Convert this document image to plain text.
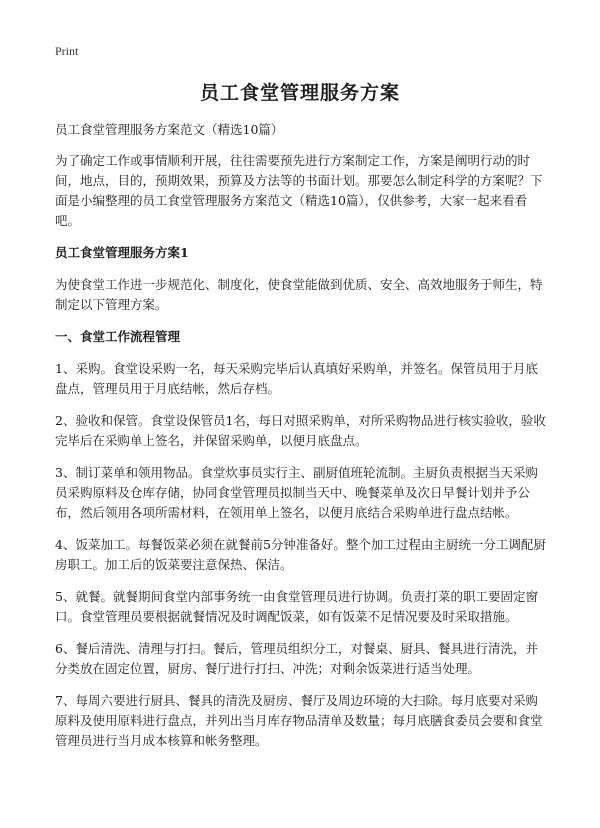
Print
员工食堂管理服务方案

员工食堂管理服务方案范文（精选10篇）

为了确定工作或事情顺利开展，往往需要预先进行方案制定工作，方案是阐明行动的时间，地点，目的，预期效果，预算及方法等的书面计划。那要怎么制定科学的方案呢？下面是小编整理的员工食堂管理服务方案范文（精选10篇），仅供参考，大家一起来看看吧。

员工食堂管理服务方案1

为使食堂工作进一步规范化、制度化，使食堂能做到优质、安全、高效地服务于师生，特制定以下管理方案。

一、食堂工作流程管理

1、采购。食堂设采购一名，每天采购完毕后认真填好采购单，并签名。保管员用于月底盘点，管理员用于月底结帐，然后存档。

2、验收和保管。食堂设保管员1名，每日对照采购单，对所采购物品进行核实验收，验收完毕后在采购单上签名，并保留采购单，以便月底盘点。

3、制订菜单和领用物品。食堂炊事员实行主、副厨值班轮流制。主厨负责根据当天采购员采购原料及仓库存储，协同食堂管理员拟制当天中、晚餐菜单及次日早餐计划并予公布，然后领用各项所需材料，在领用单上签名，以便月底结合采购单进行盘点结帐。

4、饭菜加工。每餐饭菜必须在就餐前5分钟准备好。整个加工过程由主厨统一分工调配厨房职工。加工后的饭菜要注意保热、保洁。

5、就餐。就餐期间食堂内部事务统一由食堂管理员进行协调。负责打菜的职工要固定窗口。食堂管理员要根据就餐情况及时调配饭菜，如有饭菜不足情况要及时采取措施。

6、餐后清洗、清理与打扫。餐后，管理员组织分工，对餐桌、厨具、餐具进行清洗，并分类放在固定位置，厨房、餐厅进行打扫、冲洗；对剩余饭菜进行适当处理。

7、每周六要进行厨具、餐具的清洗及厨房、餐厅及周边环境的大扫除。每月底要对采购原料及使用原料进行盘点，并列出当月库存物品清单及数量；每月底膳食委员会要和食堂管理员进行当月成本核算和帐务整理。
